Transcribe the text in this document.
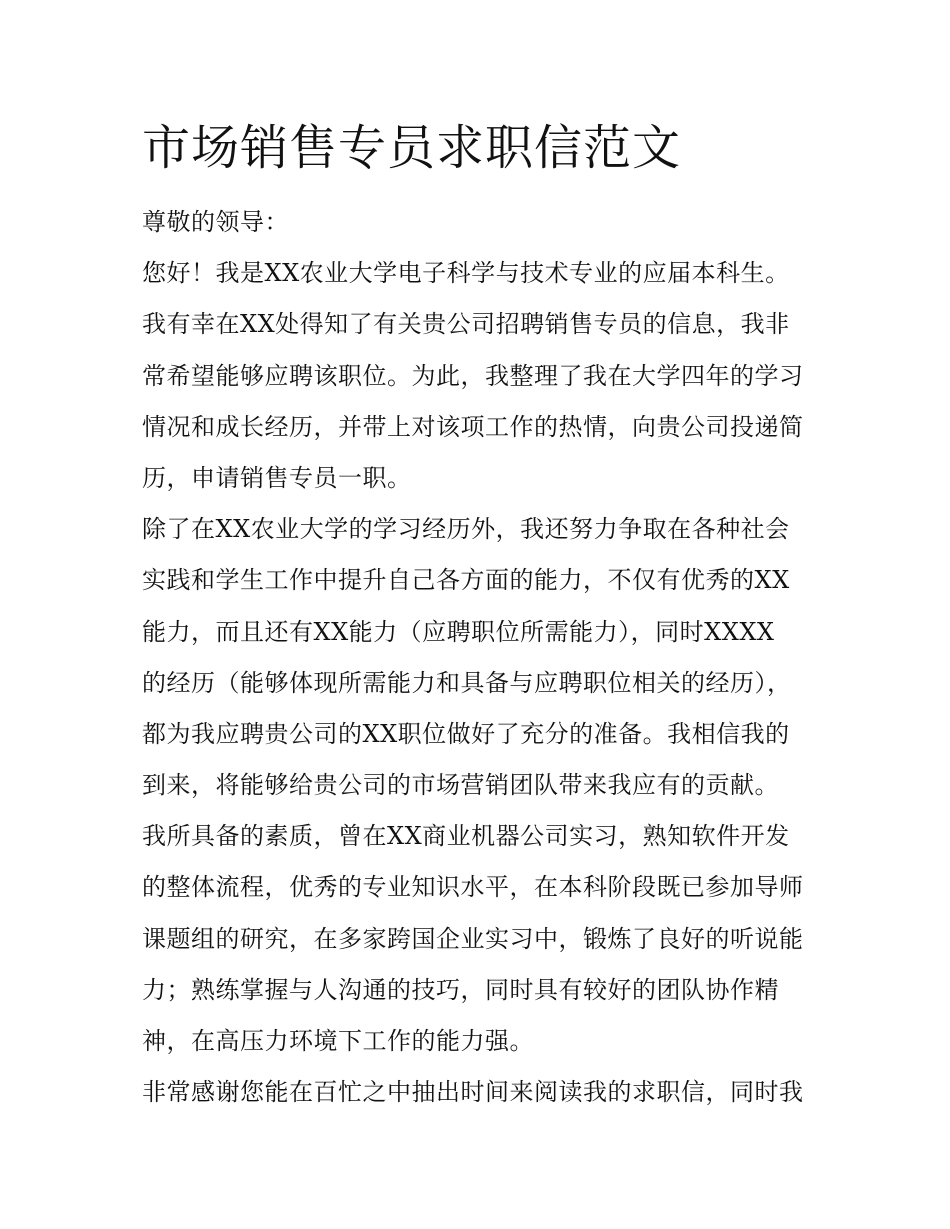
市场销售专员求职信范文
尊敬的领导：
您好！我是XX农业大学电子科学与技术专业的应届本科生。
我有幸在XX处得知了有关贵公司招聘销售专员的信息，我非
常希望能够应聘该职位。为此，我整理了我在大学四年的学习
情况和成长经历，并带上对该项工作的热情，向贵公司投递简
历，申请销售专员一职。
除了在XX农业大学的学习经历外，我还努力争取在各种社会
实践和学生工作中提升自己各方面的能力，不仅有优秀的XX
能力，而且还有XX能力（应聘职位所需能力），同时XXXX
的经历（能够体现所需能力和具备与应聘职位相关的经历），
都为我应聘贵公司的XX职位做好了充分的准备。我相信我的
到来，将能够给贵公司的市场营销团队带来我应有的贡献。
我所具备的素质，曾在XX商业机器公司实习，熟知软件开发
的整体流程，优秀的专业知识水平，在本科阶段既已参加导师
课题组的研究，在多家跨国企业实习中，锻炼了良好的听说能
力；熟练掌握与人沟通的技巧，同时具有较好的团队协作精
神，在高压力环境下工作的能力强。
非常感谢您能在百忙之中抽出时间来阅读我的求职信，同时我
